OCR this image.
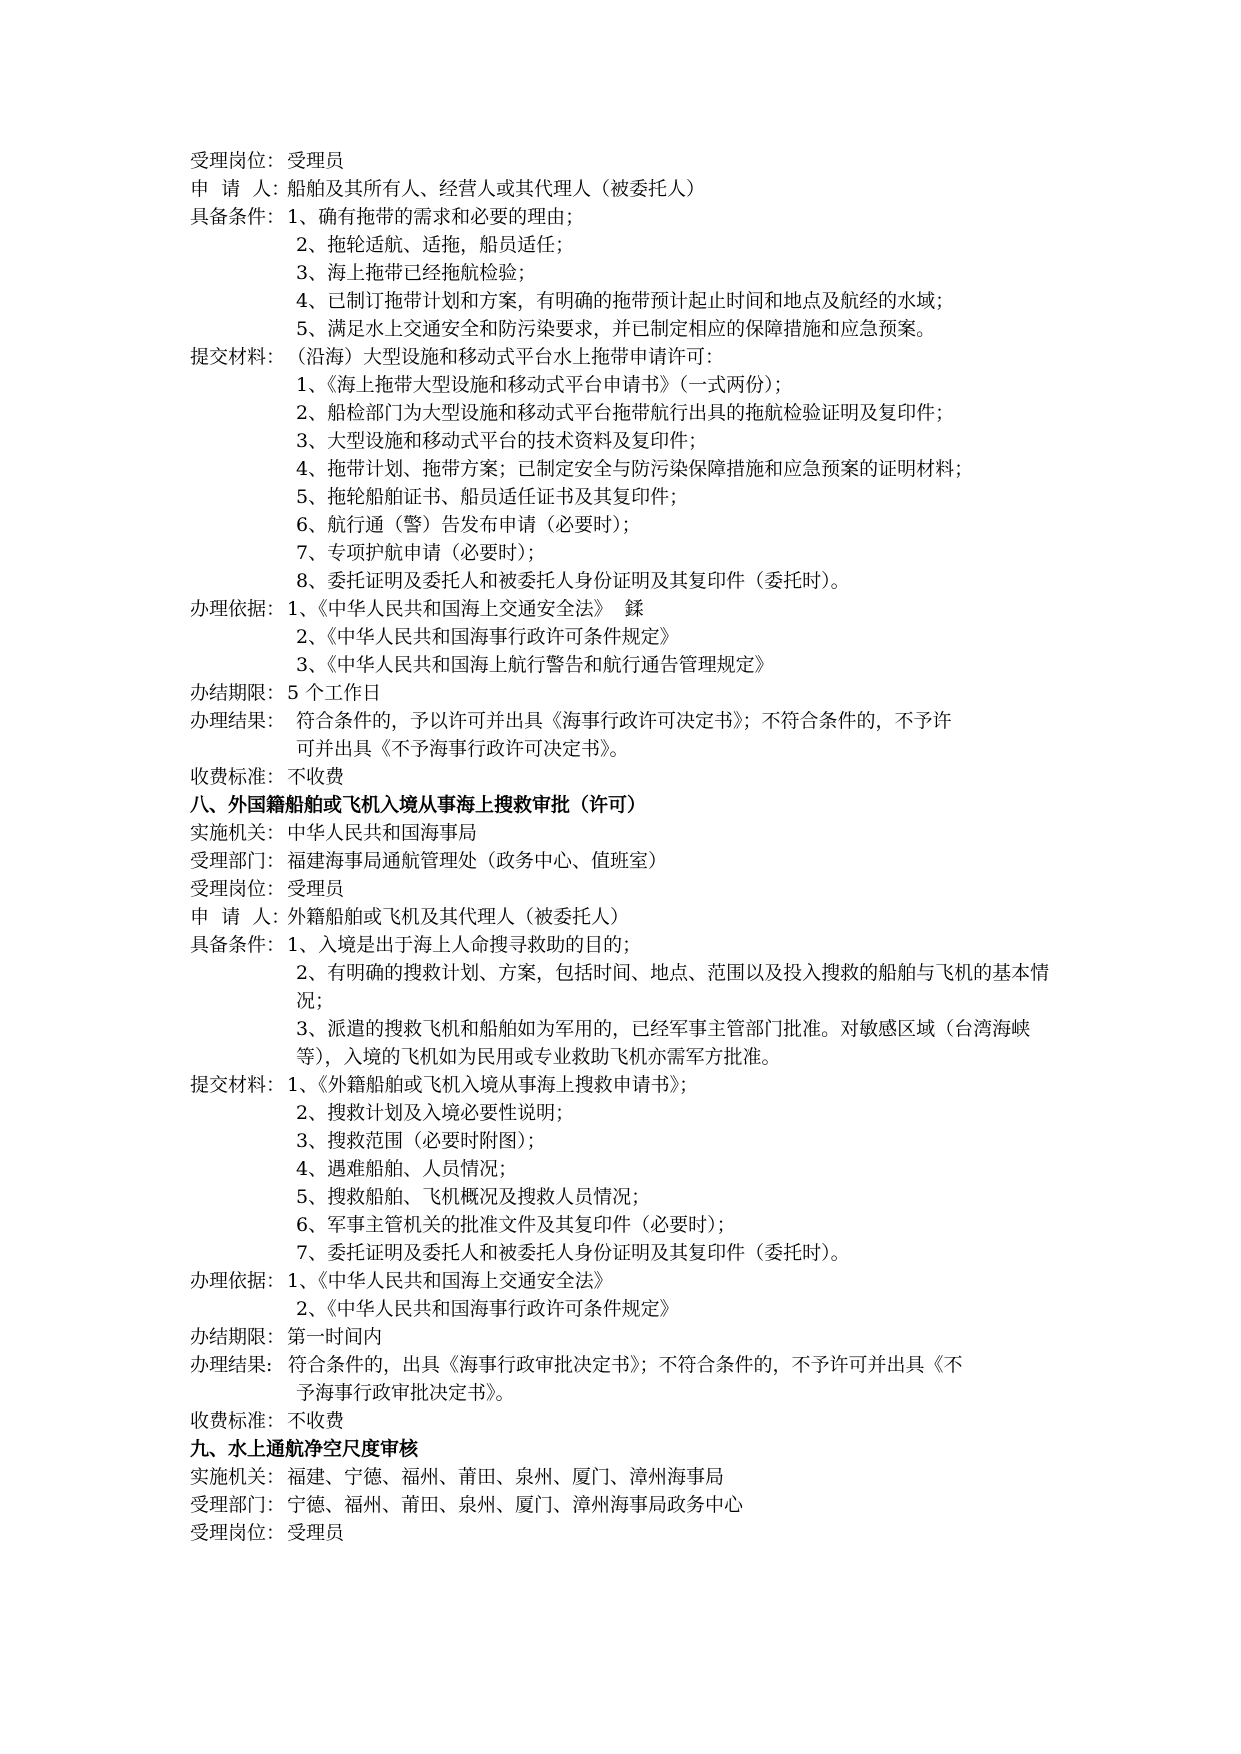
受理岗位： 受理员
申  请  人：
船舶及其所有人、经营人或其代理人（被委托人）
具备条件： 1、确有拖带的需求和必要的理由；
2、拖轮适航、适拖，船员适任；
3、海上拖带已经拖航检验；
4、已制订拖带计划和方案，有明确的拖带预计起止时间和地点及航经的水域；
5、满足水上交通安全和防污染要求，并已制定相应的保障措施和应急预案。
提交材料： （沿海）大型设施和移动式平台水上拖带申请许可：
1、《海上拖带大型设施和移动式平台申请书》（一式两份）；
2、船检部门为大型设施和移动式平台拖带航行出具的拖航检验证明及复印件；
3、大型设施和移动式平台的技术资料及复印件；
4、拖带计划、拖带方案；已制定安全与防污染保障措施和应急预案的证明材料；
5、拖轮船舶证书、船员适任证书及其复印件；
6、航行通（警）告发布申请（必要时）；
7、专项护航申请（必要时）；
8、委托证明及委托人和被委托人身份证明及其复印件（委托时）。
办理依据： 1、《中华人民共和国海上交通安全法》  鍒
2、《中华人民共和国海事行政许可条件规定》
3、《中华人民共和国海上航行警告和航行通告管理规定》
办结期限： 5 个工作日
办理结果： 符合条件的，予以许可并出具《海事行政许可决定书》；不符合条件的，不予许
可并出具《不予海事行政许可决定书》。
收费标准： 不收费
八、外国籍船舶或飞机入境从事海上搜救审批（许可）
实施机关： 中华人民共和国海事局
受理部门： 福建海事局通航管理处（政务中心、值班室）
受理岗位： 受理员
申  请  人：
外籍船舶或飞机及其代理人（被委托人）
具备条件： 1、入境是出于海上人命搜寻救助的目的；
2、有明确的搜救计划、方案，包括时间、地点、范围以及投入搜救的船舶与飞机的基本情况；
3、派遣的搜救飞机和船舶如为军用的，已经军事主管部门批准。对敏感区域（台湾海峡等），入境的飞机如为民用或专业救助飞机亦需军方批准。
提交材料： 1、《外籍船舶或飞机入境从事海上搜救申请书》；
2、搜救计划及入境必要性说明；
3、搜救范围（必要时附图）；
4、遇难船舶、人员情况；
5、搜救船舶、飞机概况及搜救人员情况；
6、军事主管机关的批准文件及其复印件（必要时）；
7、委托证明及委托人和被委托人身份证明及其复印件（委托时）。
办理依据： 1、《中华人民共和国海上交通安全法》
2、《中华人民共和国海事行政许可条件规定》
办结期限： 第一时间内
办理结果: 符合条件的，出具《海事行政审批决定书》；不符合条件的，不予许可并出具《不
予海事行政审批决定书》。
收费标准： 不收费
九、水上通航净空尺度审核
实施机关： 福建、宁德、福州、莆田、泉州、厦门、漳州海事局
受理部门： 宁德、福州、莆田、泉州、厦门、漳州海事局政务中心
受理岗位： 受理员
